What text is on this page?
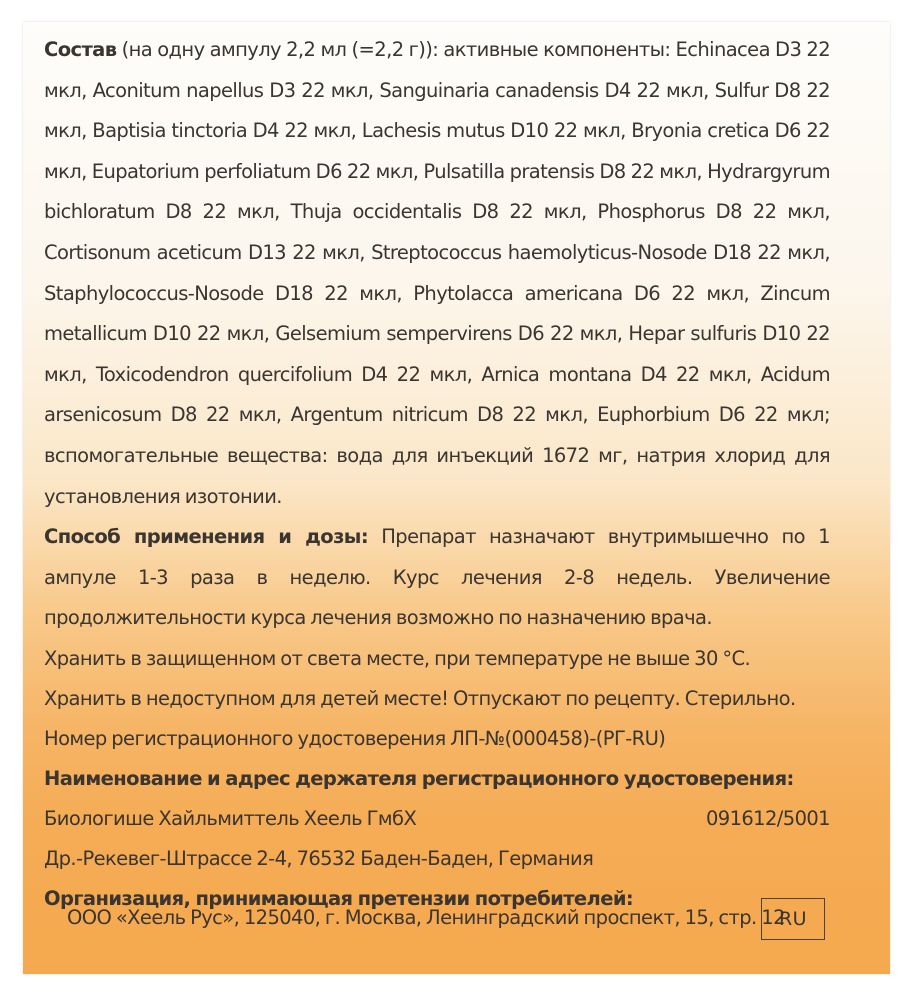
Состав (на одну ампулу 2,2 мл (=2,2 г)): активные компоненты: Echinacea D3 22 мкл, Aconitum napellus D3 22 мкл, Sanguinaria canadensis D4 22 мкл, Sulfur D8 22 мкл, Baptisia tinctoria D4 22 мкл, Lachesis mutus D10 22 мкл, Bryonia cretica D6 22 мкл, Eupatorium perfoliatum D6 22 мкл, Pulsatilla pratensis D8 22 мкл, Hydrargyrum bichloratum D8 22 мкл, Thuja occidentalis D8 22 мкл, Phosphorus D8 22 мкл, Cortisonum aceticum D13 22 мкл, Streptococcus haemolyticus-Nosode D18 22 мкл, Staphylococcus-Nosode D18 22 мкл, Phytolacca americana D6 22 мкл, Zincum metallicum D10 22 мкл, Gelsemium sempervirens D6 22 мкл, Hepar sulfuris D10 22 мкл, Toxicodendron quercifolium D4 22 мкл, Arnica montana D4 22 мкл, Acidum arsenicosum D8 22 мкл, Argentum nitricum D8 22 мкл, Euphorbium D6 22 мкл; вспомогательные вещества: вода для инъекций 1672 мг, натрия хлорид для установления изотонии.

Способ применения и дозы: Препарат назначают внутримышечно по 1 ампуле 1-3 раза в неделю. Курс лечения 2-8 недель. Увеличение продолжительности курса лечения возможно по назначению врача.

Хранить в защищенном от света месте, при температуре не выше 30 °С.

Хранить в недоступном для детей месте! Отпускают по рецепту. Стерильно.

Номер регистрационного удостоверения ЛП-№(000458)-(РГ-RU)

Наименование и адрес держателя регистрационного удостоверения:

Биологише Хайльмиттель Хеель ГмбХ	091612/5001

Др.-Рекевег-Штрассе 2-4, 76532 Баден-Баден, Германия

Организация, принимающая претензии потребителей:

ООО «Хеель Рус», 125040, г. Москва, Ленинградский проспект, 15, стр. 12
RU
